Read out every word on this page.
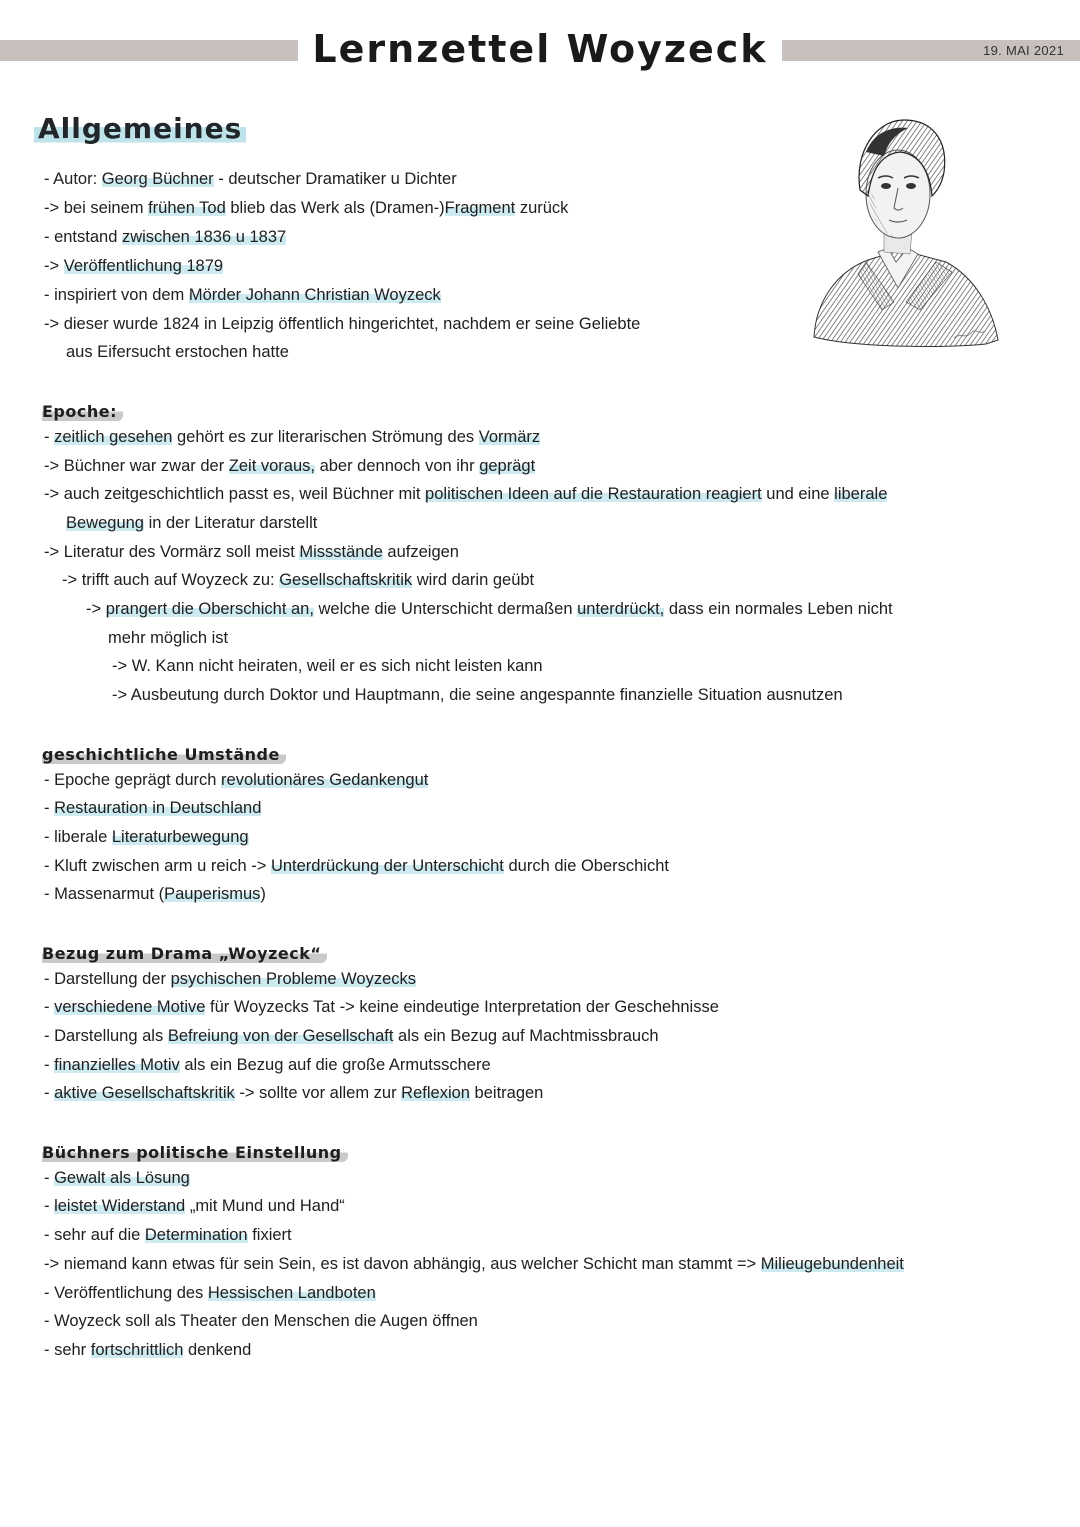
Lernzettel Woyzeck	19. MAI 2021
Allgemeines
- Autor: Georg Büchner - deutscher Dramatiker u Dichter
-> bei seinem frühen Tod blieb das Werk als (Dramen-)Fragment zurück
- entstand zwischen 1836 u 1837
-> Veröffentlichung 1879
- inspiriert von dem Mörder Johann Christian Woyzeck
-> dieser wurde 1824 in Leipzig öffentlich hingerichtet, nachdem er seine Geliebte
aus Eifersucht erstochen hatte
Epoche:
- zeitlich gesehen gehört es zur literarischen Strömung des Vormärz
-> Büchner war zwar der Zeit voraus, aber dennoch von ihr geprägt
-> auch zeitgeschichtlich passt es, weil Büchner mit politischen Ideen auf die Restauration reagiert und eine liberale
Bewegung in der Literatur darstellt
-> Literatur des Vormärz soll meist Missstände aufzeigen
-> trifft auch auf Woyzeck zu: Gesellschaftskritik wird darin geübt
-> prangert die Oberschicht an, welche die Unterschicht dermaßen unterdrückt, dass ein normales Leben nicht
mehr möglich ist
-> W. Kann nicht heiraten, weil er es sich nicht leisten kann
-> Ausbeutung durch Doktor und Hauptmann, die seine angespannte finanzielle Situation ausnutzen
geschichtliche Umstände
- Epoche geprägt durch revolutionäres Gedankengut
- Restauration in Deutschland
- liberale Literaturbewegung
- Kluft zwischen arm u reich -> Unterdrückung der Unterschicht durch die Oberschicht
- Massenarmut (Pauperismus)
Bezug zum Drama „Woyzeck“
- Darstellung der psychischen Probleme Woyzecks
- verschiedene Motive für Woyzecks Tat -> keine eindeutige Interpretation der Geschehnisse
- Darstellung als Befreiung von der Gesellschaft als ein Bezug auf Machtmissbrauch
- finanzielles Motiv als ein Bezug auf die große Armutsschere
- aktive Gesellschaftskritik -> sollte vor allem zur Reflexion beitragen
Büchners politische Einstellung
- Gewalt als Lösung
- leistet Widerstand „mit Mund und Hand“
- sehr auf die Determination fixiert
-> niemand kann etwas für sein Sein, es ist davon abhängig, aus welcher Schicht man stammt => Milieugebundenheit
- Veröffentlichung des Hessischen Landboten
- Woyzeck soll als Theater den Menschen die Augen öffnen
- sehr fortschrittlich denkend
